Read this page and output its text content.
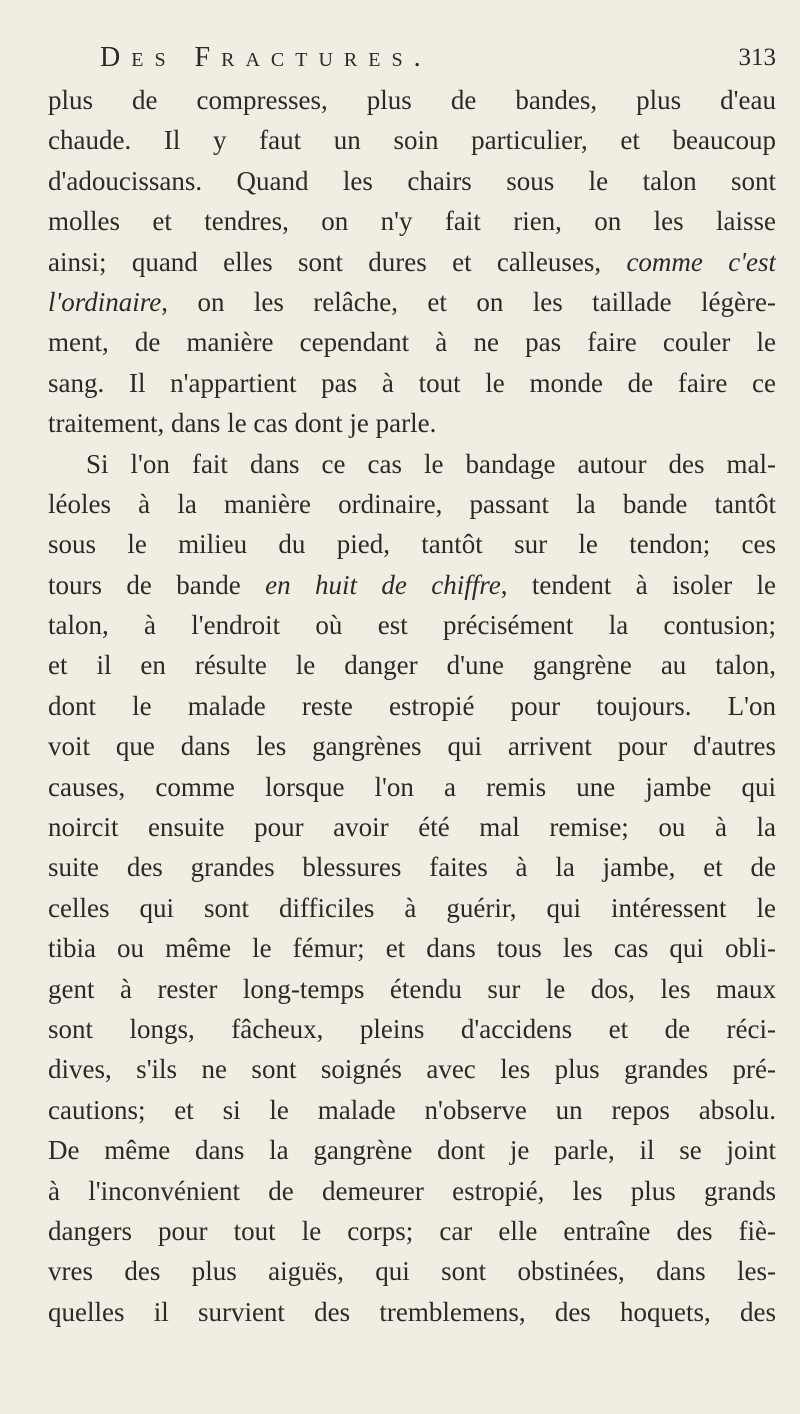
Des Fractures.	313
plus de compresses, plus de bandes, plus d'eau
chaude. Il y faut un soin particulier, et beaucoup
d'adoucissans. Quand les chairs sous le talon sont
molles et tendres, on n'y fait rien, on les laisse
ainsi; quand elles sont dures et calleuses, comme c'est
l'ordinaire, on les relâche, et on les taillade légère-
ment, de manière cependant à ne pas faire couler le
sang. Il n'appartient pas à tout le monde de faire ce
traitement, dans le cas dont je parle.
Si l'on fait dans ce cas le bandage autour des mal-
léoles à la manière ordinaire, passant la bande tantôt
sous le milieu du pied, tantôt sur le tendon; ces
tours de bande en huit de chiffre, tendent à isoler le
talon, à l'endroit où est précisément la contusion;
et il en résulte le danger d'une gangrène au talon,
dont le malade reste estropié pour toujours. L'on
voit que dans les gangrènes qui arrivent pour d'autres
causes, comme lorsque l'on a remis une jambe qui
noircit ensuite pour avoir été mal remise; ou à la
suite des grandes blessures faites à la jambe, et de
celles qui sont difficiles à guérir, qui intéressent le
tibia ou même le fémur; et dans tous les cas qui obli-
gent à rester long-temps étendu sur le dos, les maux
sont longs, fâcheux, pleins d'accidens et de réci-
dives, s'ils ne sont soignés avec les plus grandes pré-
cautions; et si le malade n'observe un repos absolu.
De même dans la gangrène dont je parle, il se joint
à l'inconvénient de demeurer estropié, les plus grands
dangers pour tout le corps; car elle entraîne des fiè-
vres des plus aiguës, qui sont obstinées, dans les-
quelles il survient des tremblemens, des hoquets, des
